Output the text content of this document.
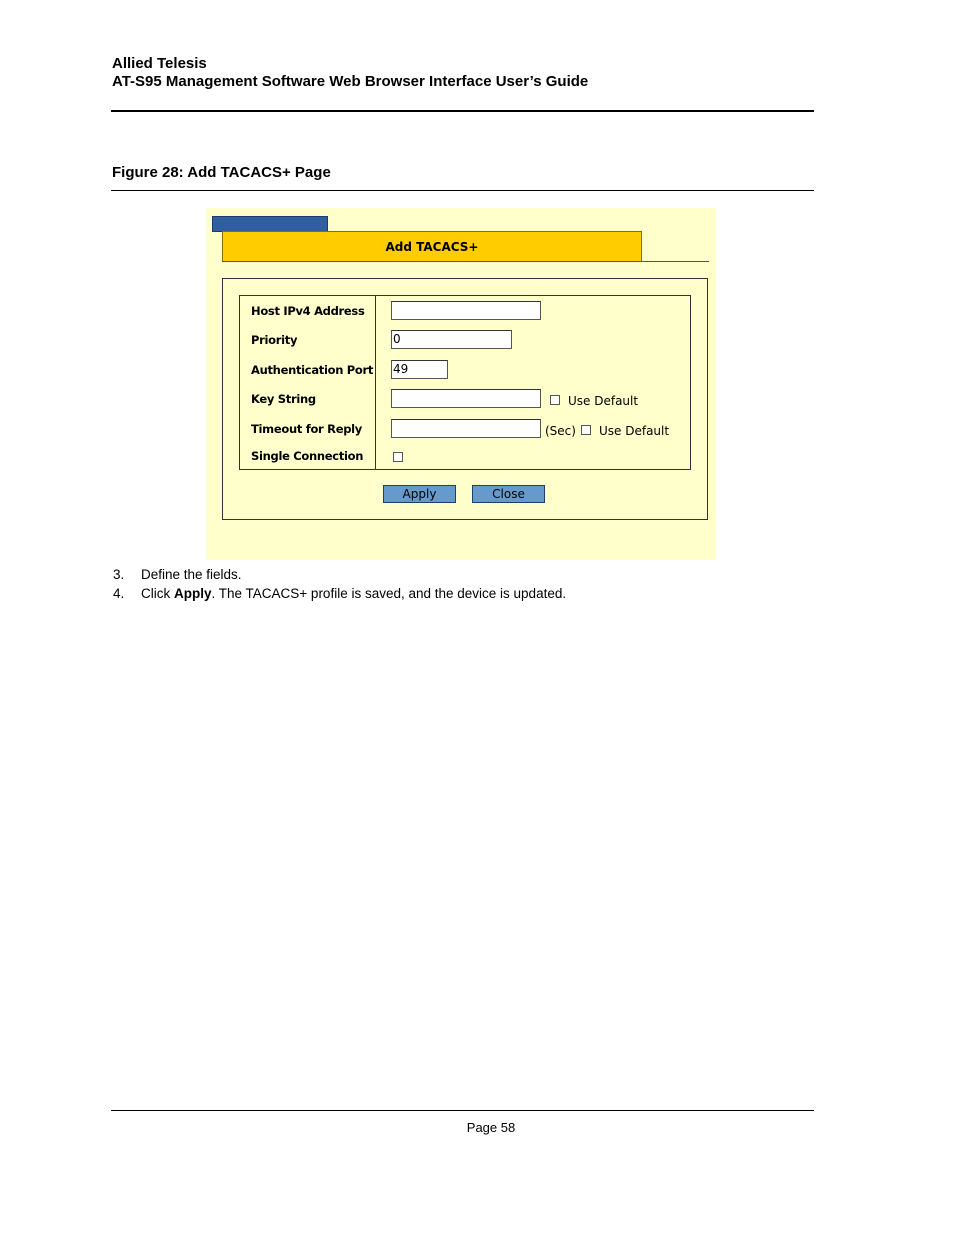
Allied Telesis
AT-S95 Management Software Web Browser Interface User’s Guide
Figure 28: Add TACACS+ Page
Add TACACS+
Host IPv4 Address
Priority	0
Authentication Port 49
Key String	Use Default
Timeout for Reply	(Sec) Use Default
Single Connection
Apply	Close
3. Define the fields.
4. Click Apply. The TACACS+ profile is saved, and the device is updated.
Page 58
